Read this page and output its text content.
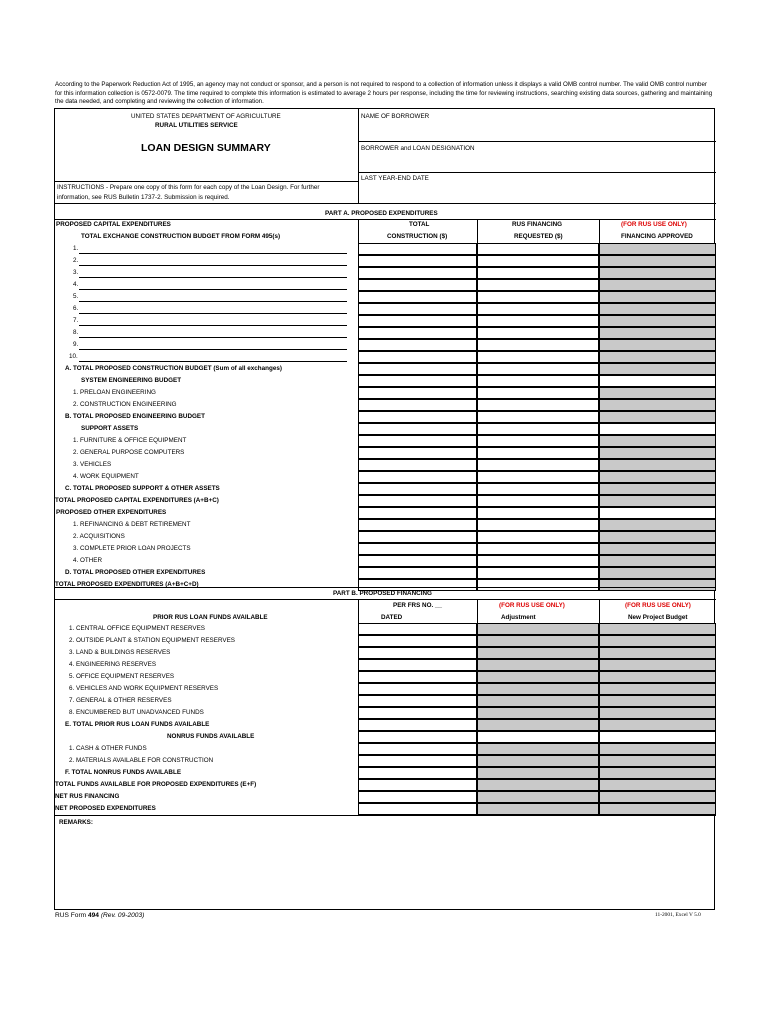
According to the Paperwork Reduction Act of 1995, an agency may not conduct or sponsor, and a person is not required to respond to a collection of information unless it displays a valid OMB control number. The valid OMB control number for this information collection is 0572-0079. The time required to complete this information is estimated to average 2 hours per response, including the time for reviewing instructions, searching existing data sources, gathering and maintaining the data needed, and completing and reviewing the collection of information.
UNITED STATES DEPARTMENT OF AGRICULTURE
RURAL UTILITIES SERVICE
LOAN DESIGN SUMMARY
INSTRUCTIONS - Prepare one copy of this form for each copy of the Loan Design. For further
information, see RUS Bulletin 1737-2. Submission is required.
NAME OF BORROWER
BORROWER and LOAN DESIGNATION
LAST YEAR-END DATE
PART A. PROPOSED EXPENDITURES
PROPOSED CAPITAL EXPENDITURES
TOTAL EXCHANGE CONSTRUCTION BUDGET FROM FORM 495(s)
TOTAL
CONSTRUCTION ($)
RUS FINANCING
REQUESTED ($)
(FOR RUS USE ONLY)
FINANCING APPROVED
1.
2.
3.
4.
5.
6.
7.
8.
9.
10.
A. TOTAL PROPOSED CONSTRUCTION BUDGET (Sum of all exchanges)
SYSTEM ENGINEERING BUDGET
1. PRELOAN ENGINEERING
2. CONSTRUCTION ENGINEERING
B. TOTAL PROPOSED ENGINEERING BUDGET
SUPPORT ASSETS
1. FURNITURE & OFFICE EQUIPMENT
2. GENERAL PURPOSE COMPUTERS
3. VEHICLES
4. WORK EQUIPMENT
C. TOTAL PROPOSED SUPPORT & OTHER ASSETS
TOTAL PROPOSED CAPITAL EXPENDITURES (A+B+C)
PROPOSED OTHER EXPENDITURES
1. REFINANCING & DEBT RETIREMENT
2. ACQUISITIONS
3. COMPLETE PRIOR LOAN PROJECTS
4. OTHER
D. TOTAL PROPOSED OTHER EXPENDITURES
TOTAL PROPOSED EXPENDITURES (A+B+C+D)
PART B. PROPOSED FINANCING
PER FRS NO. __
DATED
(FOR RUS USE ONLY)
Adjustment
(FOR RUS USE ONLY)
New Project Budget
PRIOR RUS LOAN FUNDS AVAILABLE
1. CENTRAL OFFICE EQUIPMENT RESERVES
2. OUTSIDE PLANT & STATION EQUIPMENT RESERVES
3. LAND & BUILDINGS RESERVES
4. ENGINEERING RESERVES
5. OFFICE EQUIPMENT RESERVES
6. VEHICLES AND WORK EQUIPMENT RESERVES
7. GENERAL & OTHER RESERVES
8. ENCUMBERED BUT UNADVANCED FUNDS
E. TOTAL PRIOR RUS LOAN FUNDS AVAILABLE
NONRUS FUNDS AVAILABLE
1. CASH & OTHER FUNDS
2. MATERIALS AVAILABLE FOR CONSTRUCTION
F. TOTAL NONRUS FUNDS AVAILABLE
TOTAL FUNDS AVAILABLE FOR PROPOSED EXPENDITURES (E+F)
NET RUS FINANCING
NET PROPOSED EXPENDITURES
REMARKS:
RUS Form 494 (Rev. 09-2003)	11-2001, Excel V 5.0
